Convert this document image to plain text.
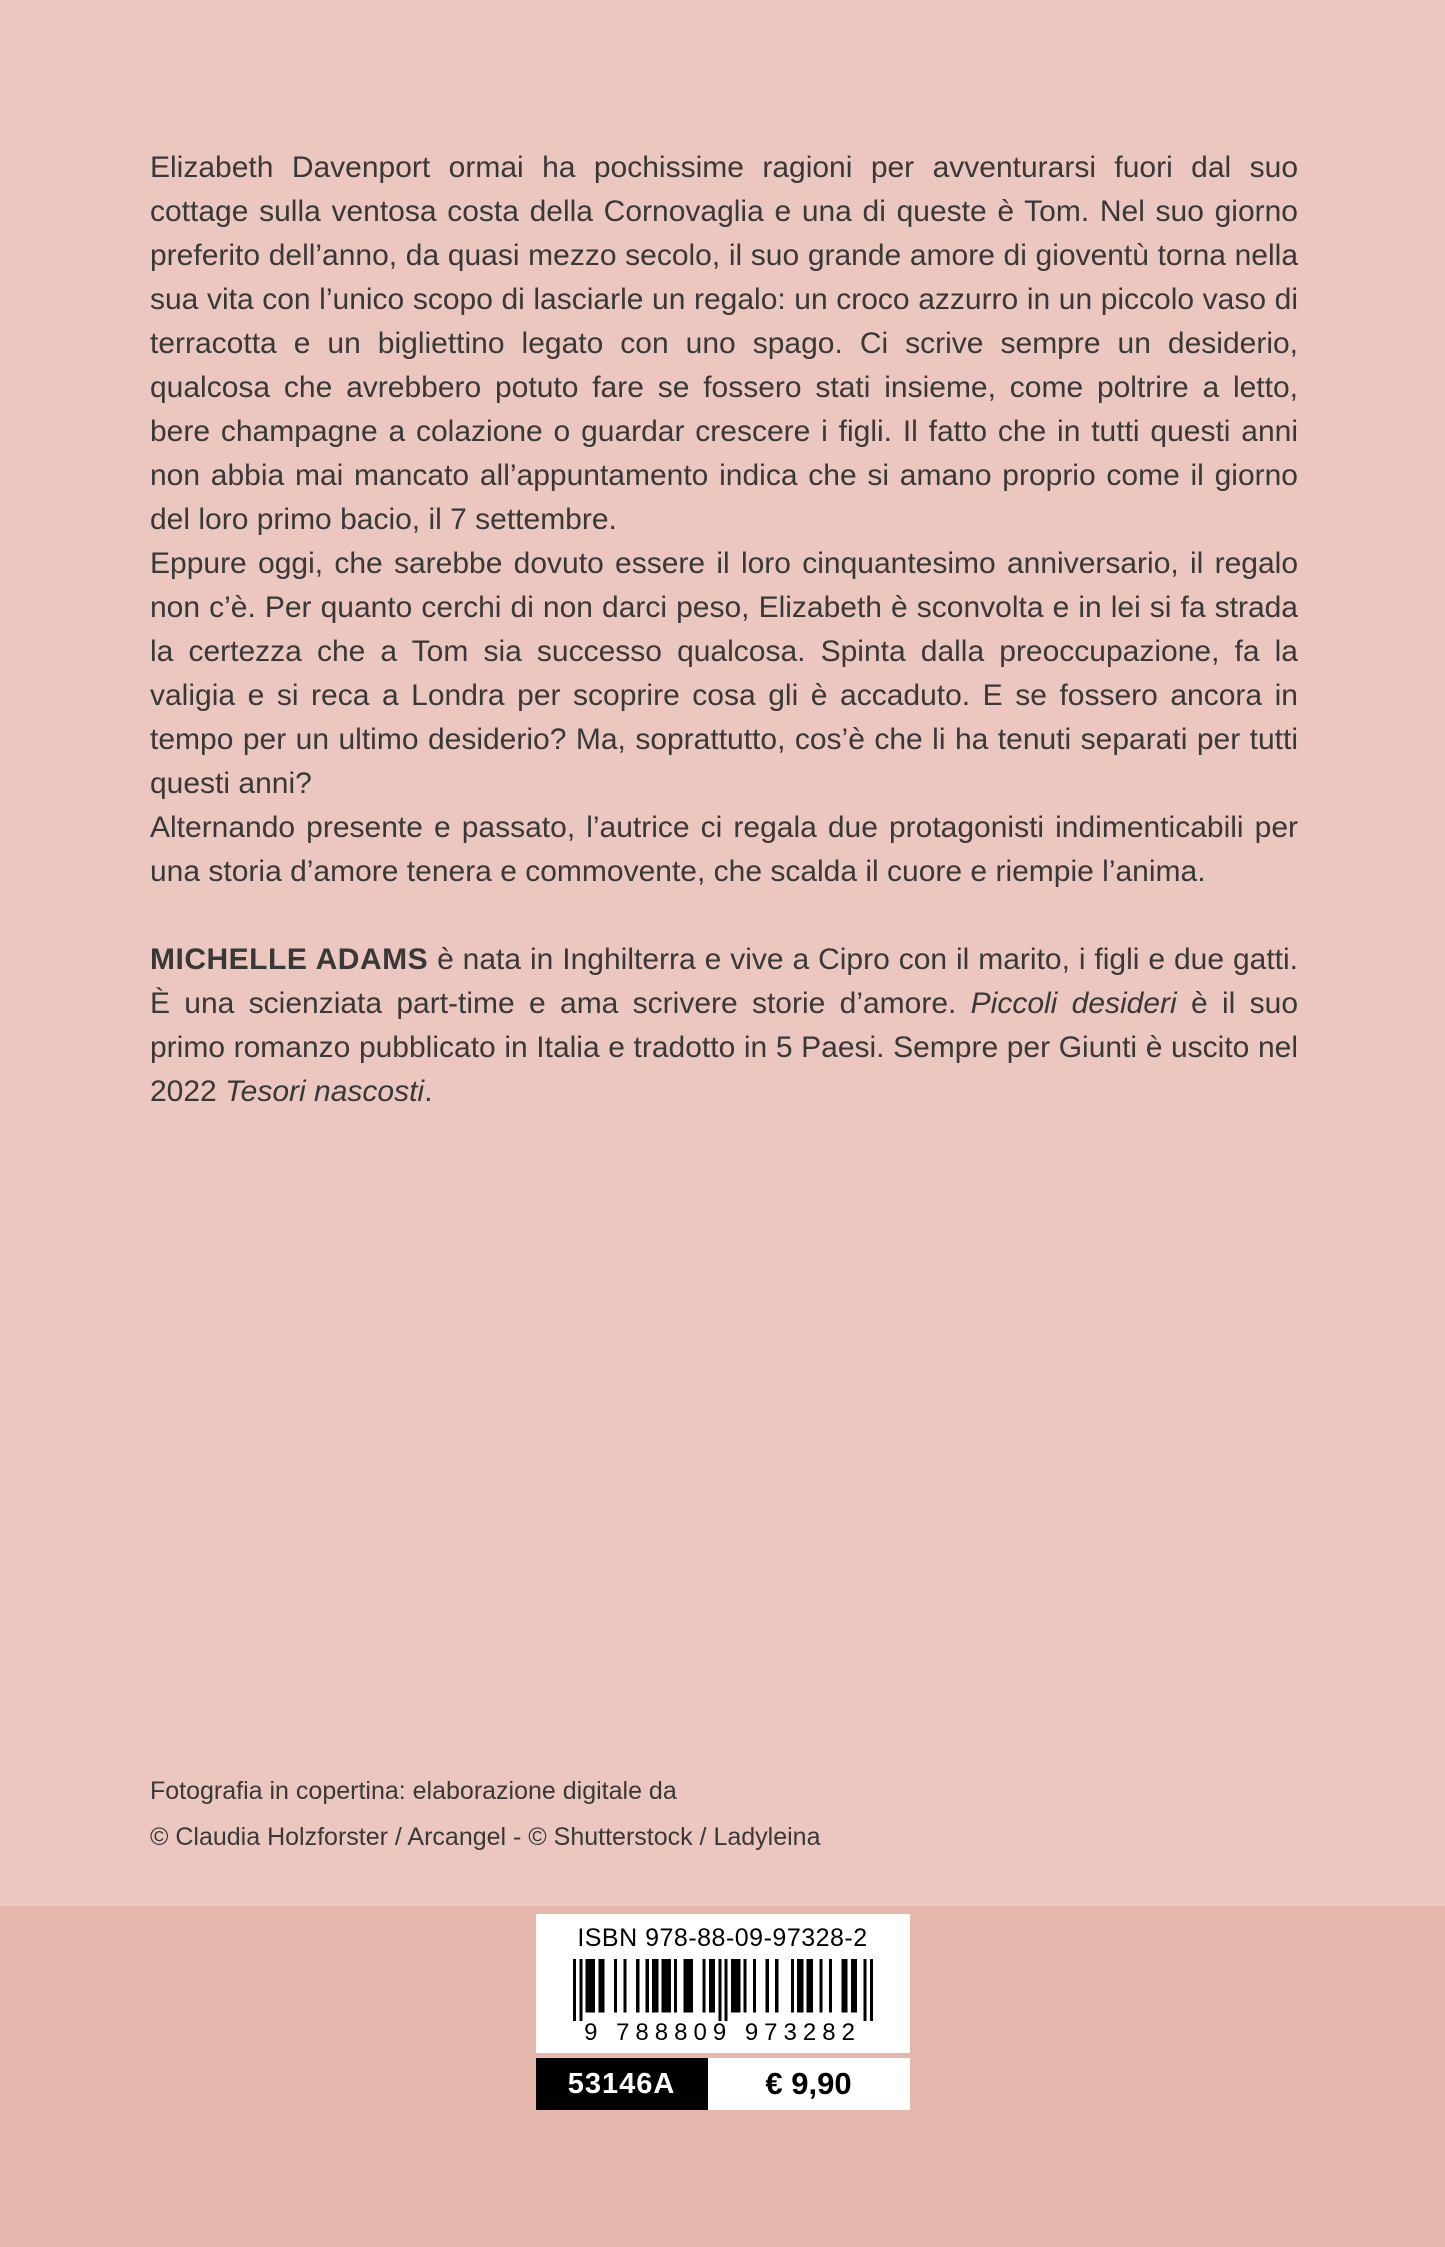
Elizabeth Davenport ormai ha pochissime ragioni per avventurarsi fuori dal suo cottage sulla ventosa costa della Cornovaglia e una di queste è Tom. Nel suo giorno preferito dell’anno, da quasi mezzo secolo, il suo grande amore di gioventù torna nella sua vita con l’unico scopo di lasciarle un regalo: un croco azzurro in un piccolo vaso di terracotta e un bigliettino legato con uno spago. Ci scrive sempre un desiderio, qualcosa che avrebbero potuto fare se fossero stati insieme, come poltrire a letto, bere champagne a colazione o guardar crescere i figli. Il fatto che in tutti questi anni non abbia mai mancato all’appuntamento indica che si amano proprio come il giorno del loro primo bacio, il 7 settembre.

Eppure oggi, che sarebbe dovuto essere il loro cinquantesimo anniversario, il regalo non c’è. Per quanto cerchi di non darci peso, Elizabeth è sconvolta e in lei si fa strada la certezza che a Tom sia successo qualcosa. Spinta dalla preoccupazione, fa la valigia e si reca a Londra per scoprire cosa gli è accaduto. E se fossero ancora in tempo per un ultimo desiderio? Ma, soprattutto, cos’è che li ha tenuti separati per tutti questi anni?

Alternando presente e passato, l’autrice ci regala due protagonisti indimenticabili per una storia d’amore tenera e commovente, che scalda il cuore e riempie l’anima.

MICHELLE ADAMS è nata in Inghilterra e vive a Cipro con il marito, i figli e due gatti. È una scienziata part-time e ama scrivere storie d’amore. Piccoli desideri è il suo primo romanzo pubblicato in Italia e tradotto in 5 Paesi. Sempre per Giunti è uscito nel 2022 Tesori nascosti.

Fotografia in copertina: elaborazione digitale da
© Claudia Holzforster / Arcangel - © Shutterstock / Ladyleina
ISBN 978-88-09-97328-2
9 788809 973282
53146A	€ 9,90
